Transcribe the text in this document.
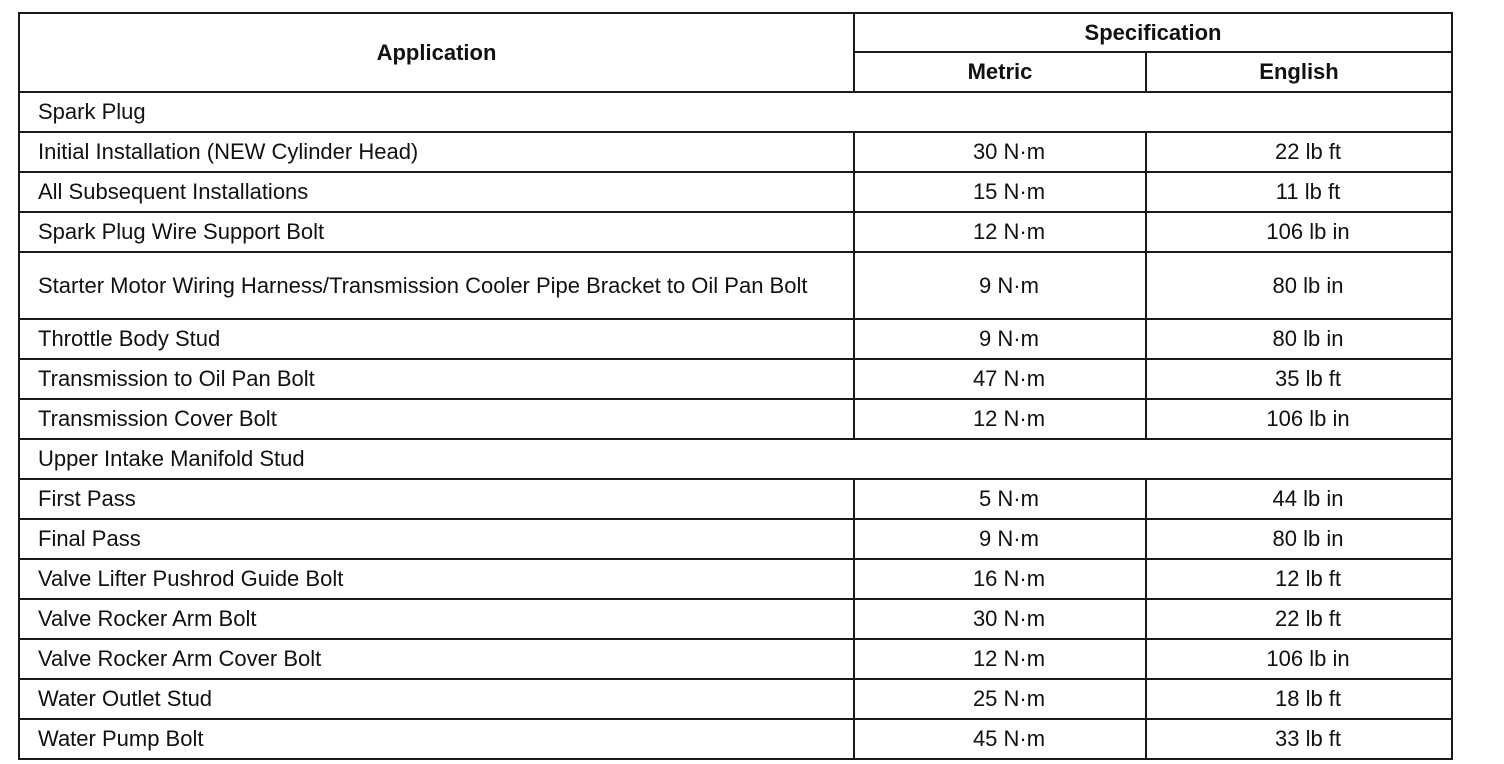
Application	Specification	
	Metric	English
Spark Plug		
Initial Installation (NEW Cylinder Head)	30 N·m	22 lb ft
All Subsequent Installations	15 N·m	11 lb ft
Spark Plug Wire Support Bolt	12 N·m	106 lb in
Starter Motor Wiring Harness/Transmission Cooler Pipe Bracket to Oil Pan Bolt	9 N·m	80 lb in
Throttle Body Stud	9 N·m	80 lb in
Transmission to Oil Pan Bolt	47 N·m	35 lb ft
Transmission Cover Bolt	12 N·m	106 lb in
Upper Intake Manifold Stud		
First Pass	5 N·m	44 lb in
Final Pass	9 N·m	80 lb in
Valve Lifter Pushrod Guide Bolt	16 N·m	12 lb ft
Valve Rocker Arm Bolt	30 N·m	22 lb ft
Valve Rocker Arm Cover Bolt	12 N·m	106 lb in
Water Outlet Stud	25 N·m	18 lb ft
Water Pump Bolt	45 N·m	33 lb ft
